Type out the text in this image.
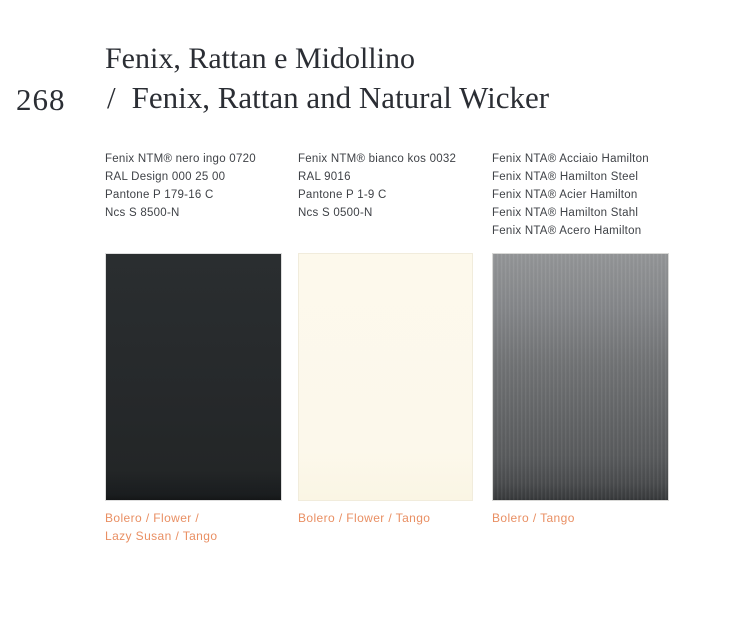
268
Fenix, Rattan e Midollino
/ Fenix, Rattan and Natural Wicker
Fenix NTM® nero ingo 0720
RAL Design 000 25 00
Pantone P 179-16 C
Ncs S 8500-N
Bolero / Flower /
Lazy Susan / Tango
Fenix NTM® bianco kos 0032
RAL 9016
Pantone P 1-9 C
Ncs S 0500-N
Bolero / Flower / Tango
Fenix NTA® Acciaio Hamilton
Fenix NTA® Hamilton Steel
Fenix NTA® Acier Hamilton
Fenix NTA® Hamilton Stahl
Fenix NTA® Acero Hamilton
Bolero / Tango
